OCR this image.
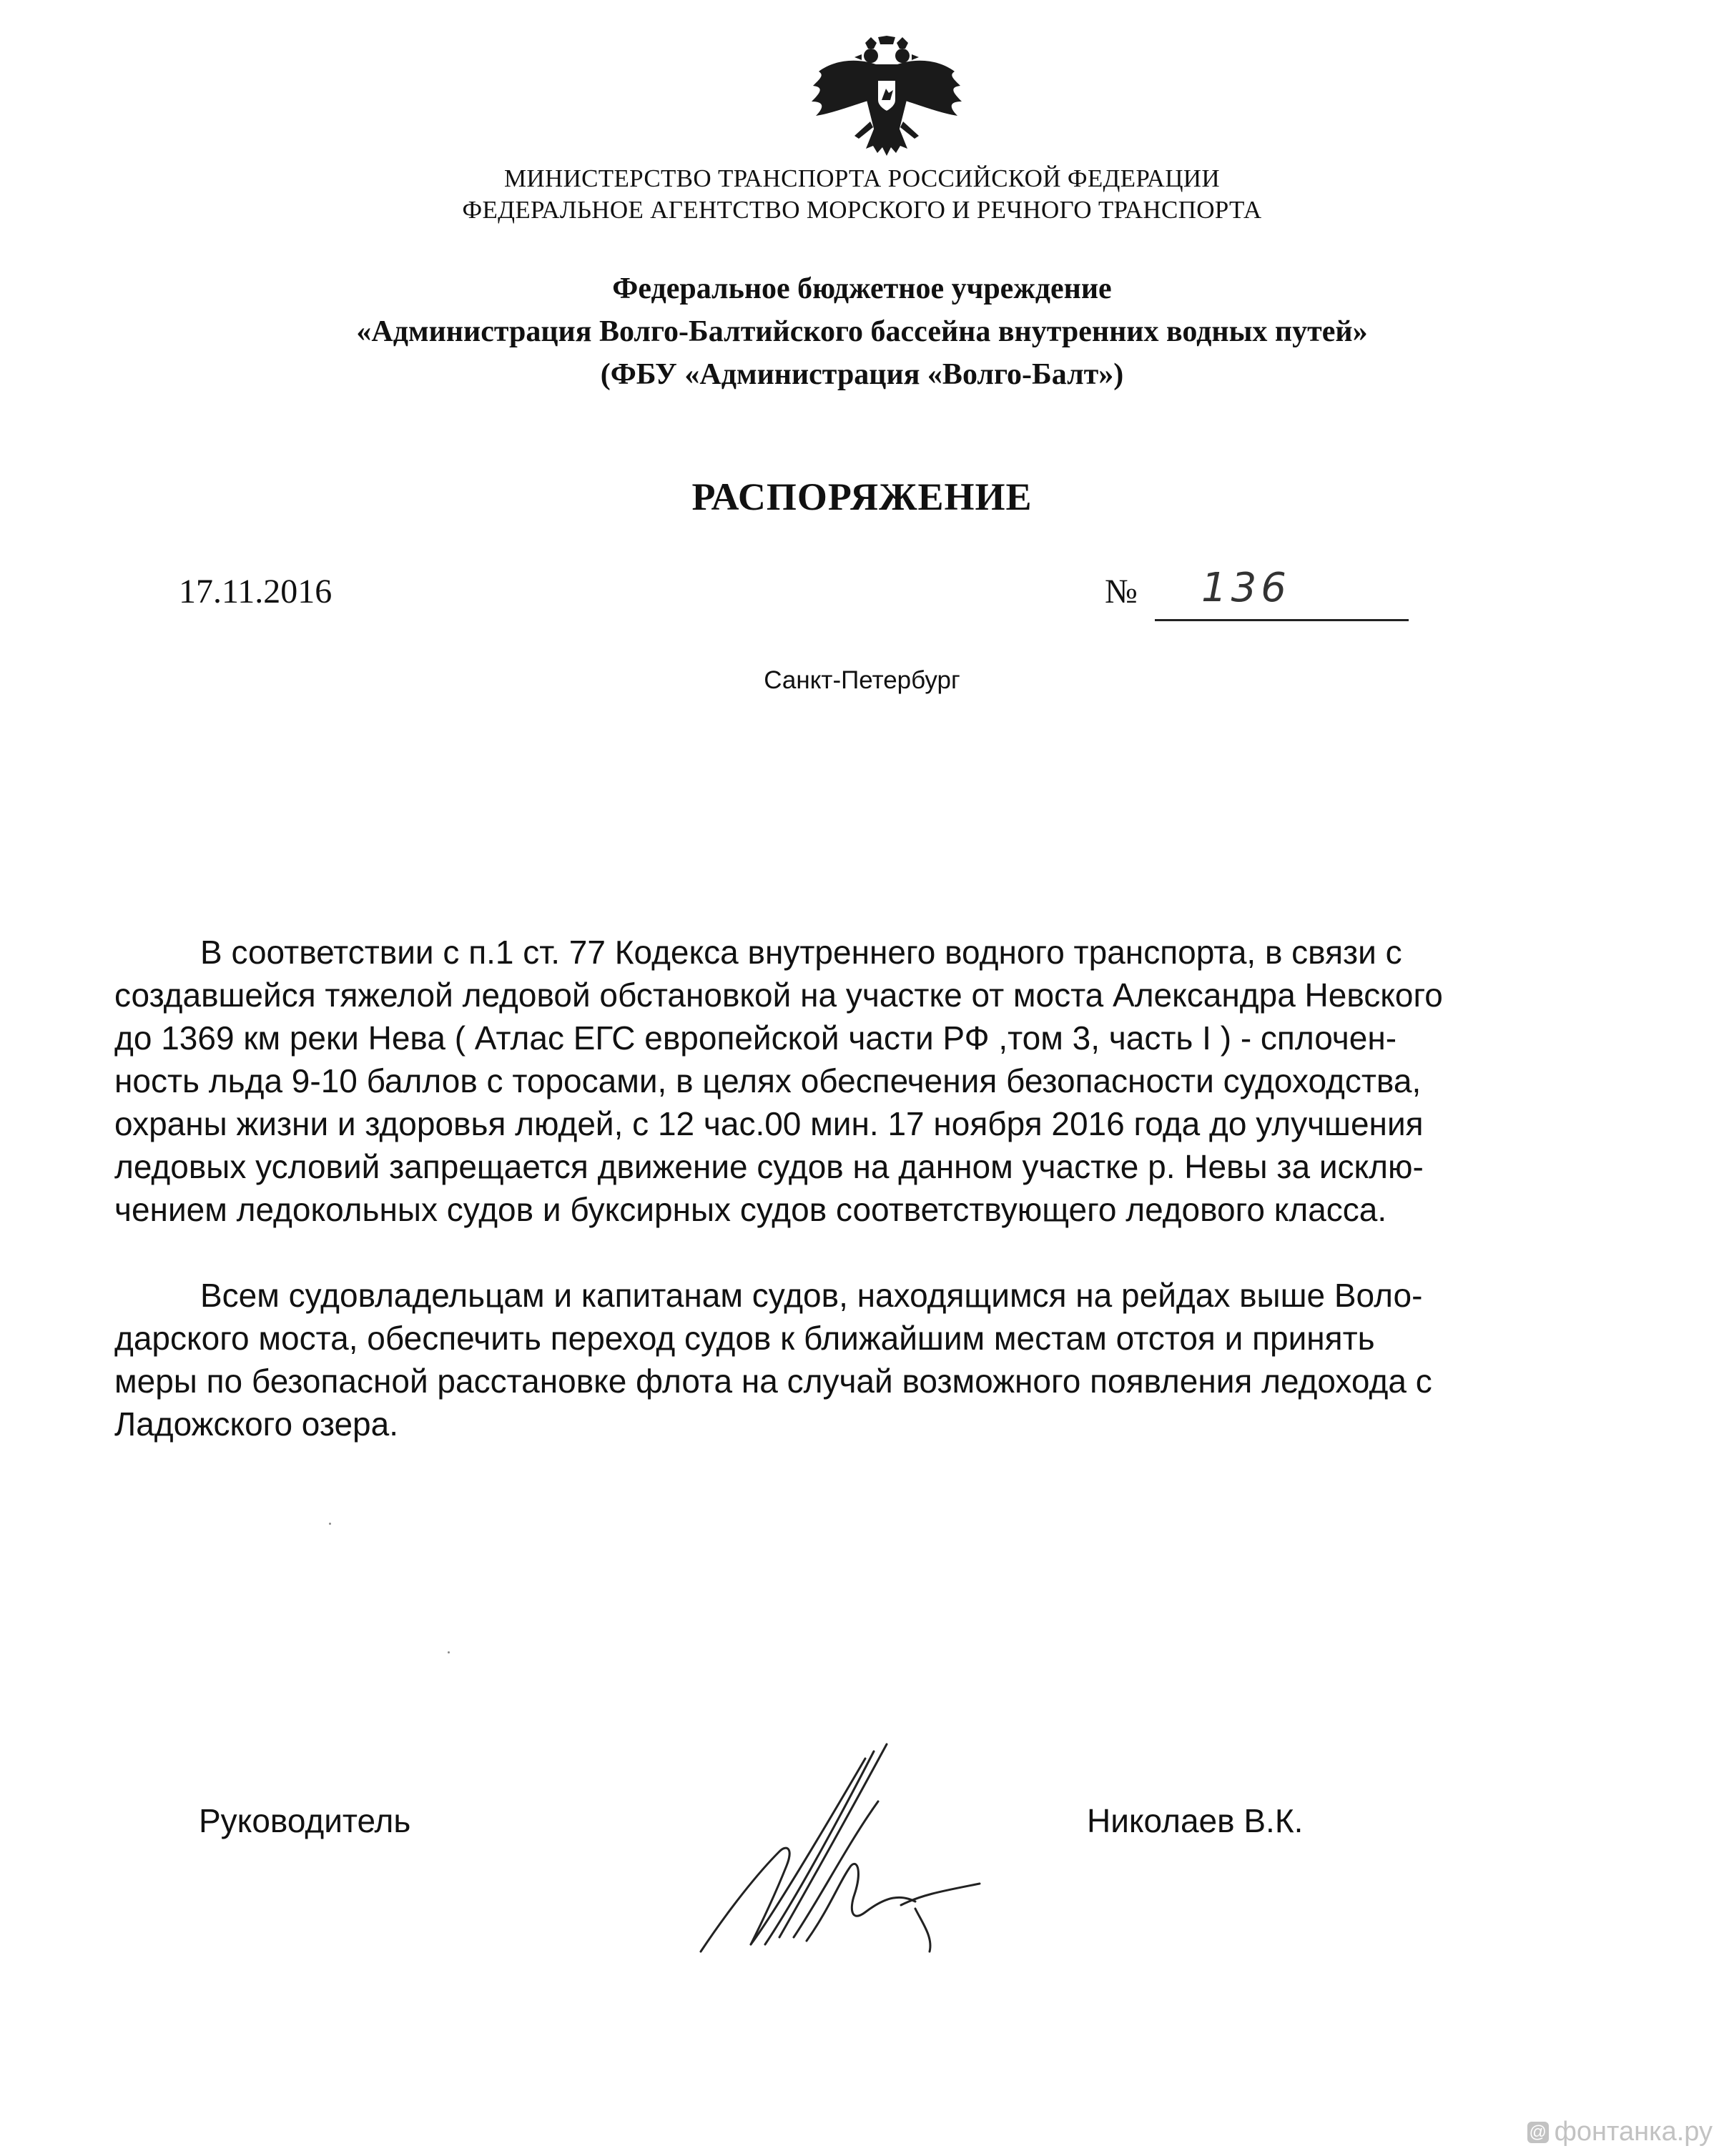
МИНИСТЕРСТВО ТРАНСПОРТА РОССИЙСКОЙ ФЕДЕРАЦИИ
ФЕДЕРАЛЬНОЕ АГЕНТСТВО МОРСКОГО И РЕЧНОГО ТРАНСПОРТА
Федеральное бюджетное учреждение
«Администрация Волго-Балтийского бассейна внутренних водных путей»
(ФБУ «Администрация «Волго-Балт»)
РАСПОРЯЖЕНИЕ
17.11.2016	№ 136
Санкт-Петербург
В соответствии с п.1 ст. 77 Кодекса внутреннего водного транспорта, в связи с
создавшейся тяжелой ледовой обстановкой на участке от моста Александра Невского
до 1369 км реки Нева ( Атлас ЕГС европейской части РФ ,том 3, часть I ) - сплочен-
ность льда 9-10 баллов с торосами, в целях обеспечения безопасности судоходства,
охраны жизни и здоровья людей, с 12 час.00 мин. 17 ноября 2016 года до улучшения
ледовых условий запрещается движение судов на данном участке р. Невы за исклю-
чением ледокольных судов и буксирных судов соответствующего ледового класса.
Всем судовладельцам и капитанам судов, находящимся на рейдах выше Воло-
дарского моста, обеспечить переход судов к ближайшим местам отстоя и принять
меры по безопасной расстановке флота на случай возможного появления ледохода с
Ладожского озера.
Руководитель	Николаев В.К.
@ фонтанка.ру
